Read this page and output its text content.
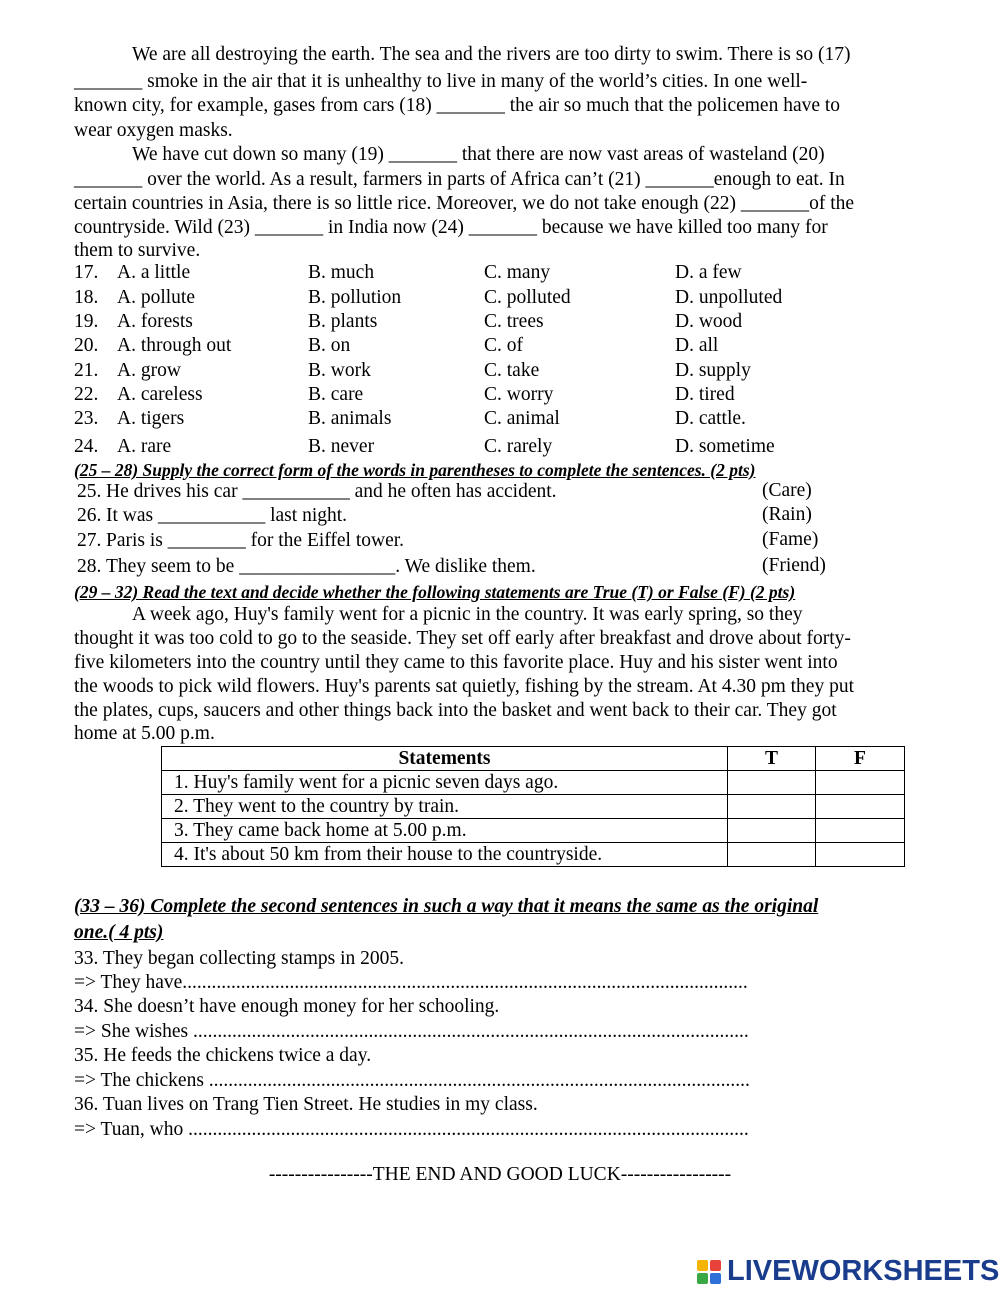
We are all destroying the earth. The sea and the rivers are too dirty to swim. There is so (17)
_______ smoke in the air that it is unhealthy to live in many of the world’s cities. In one well-
known city, for example, gases from cars (18) _______ the air so much that the policemen have to
wear oxygen masks.
We have cut down so many (19) _______ that there are now vast areas of wasteland (20)
_______ over the world. As a result, farmers in parts of Africa can’t (21) _______enough to eat. In
certain countries in Asia, there is so little rice. Moreover, we do not take enough (22) _______of the
countryside. Wild (23) _______ in India now (24) _______ because we have killed too many for
them to survive.
17. A. a little	B. much	C. many	D. a few
18. A. pollute	B. pollution	C. polluted	D. unpolluted
19. A. forests	B. plants	C. trees	D. wood
20. A. through out	B. on	C. of	D. all
21. A. grow	B. work	C. take	D. supply
22. A. careless	B. care	C. worry	D. tired
23. A. tigers	B. animals	C. animal	D. cattle.
24. A. rare	B. never	C. rarely	D. sometime
(25 – 28) Supply the correct form of the words in parentheses to complete the sentences. (2 pts)
25. He drives his car ___________ and he often has accident.	(Care)
26. It was ___________ last night.	(Rain)
27. Paris is ________ for the Eiffel tower.	(Fame)
28. They seem to be ________________. We dislike them.	(Friend)
(29 – 32) Read the text and decide whether the following statements are True (T) or False (F) (2 pts)
A week ago, Huy's family went for a picnic in the country. It was early spring, so they
thought it was too cold to go to the seaside. They set off early after breakfast and drove about forty-
five kilometers into the country until they came to this favorite place. Huy and his sister went into
the woods to pick wild flowers. Huy's parents sat quietly, fishing by the stream. At 4.30 pm they put
the plates, cups, saucers and other things back into the basket and went back to their car. They got
home at 5.00 p.m.
Statements	T	F
1. Huy's family went for a picnic seven days ago.		
2. They went to the country by train.		
3. They came back home at 5.00 p.m.		
4. It's about 50 km from their house to the countryside.		
(33 – 36) Complete the second sentences in such a way that it means the same as the original
one.( 4 pts)
33. They began collecting stamps in 2005.
=> They have....................................................................................................................
34. She doesn’t have enough money for her schooling.
=> She wishes ..................................................................................................................
35. He feeds the chickens twice a day.
=> The chickens ...............................................................................................................
36. Tuan lives on Trang Tien Street. He studies in my class.
=> Tuan, who ...................................................................................................................
----------------THE END AND GOOD LUCK-----------------
LIVEWORKSHEETS
